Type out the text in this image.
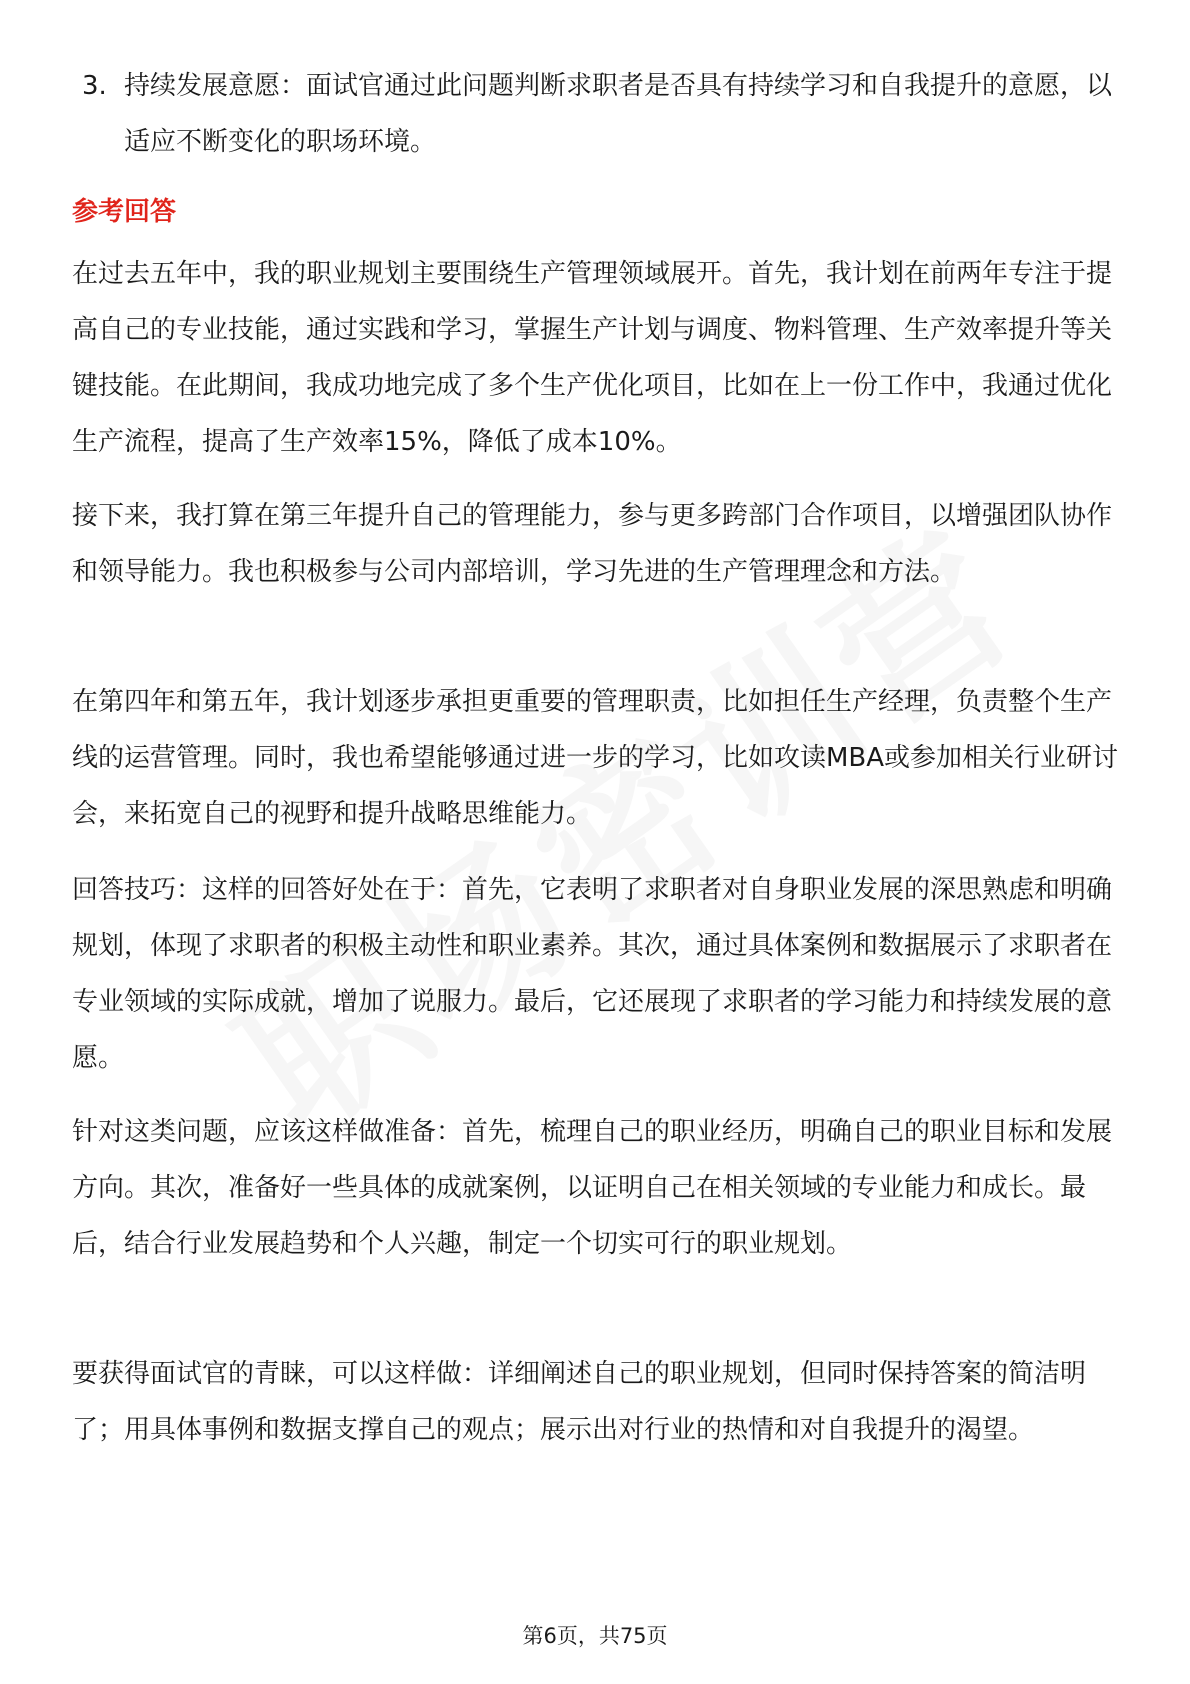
3. 持续发展意愿：面试官通过此问题判断求职者是否具有持续学习和自我提升的意愿，以适应不断变化的职场环境。
参考回答

在过去五年中，我的职业规划主要围绕生产管理领域展开。首先，我计划在前两年专注于提高自己的专业技能，通过实践和学习，掌握生产计划与调度、物料管理、生产效率提升等关键技能。在此期间，我成功地完成了多个生产优化项目，比如在上一份工作中，我通过优化生产流程，提高了生产效率15%，降低了成本10%。

接下来，我打算在第三年提升自己的管理能力，参与更多跨部门合作项目，以增强团队协作和领导能力。我也积极参与公司内部培训，学习先进的生产管理理念和方法。

在第四年和第五年，我计划逐步承担更重要的管理职责，比如担任生产经理，负责整个生产线的运营管理。同时，我也希望能够通过进一步的学习，比如攻读MBA或参加相关行业研讨会，来拓宽自己的视野和提升战略思维能力。

回答技巧：这样的回答好处在于：首先，它表明了求职者对自身职业发展的深思熟虑和明确规划，体现了求职者的积极主动性和职业素养。其次，通过具体案例和数据展示了求职者在专业领域的实际成就，增加了说服力。最后，它还展现了求职者的学习能力和持续发展的意愿。

针对这类问题，应该这样做准备：首先，梳理自己的职业经历，明确自己的职业目标和发展方向。其次，准备好一些具体的成就案例，以证明自己在相关领域的专业能力和成长。最后，结合行业发展趋势和个人兴趣，制定一个切实可行的职业规划。

要获得面试官的青睐，可以这样做：详细阐述自己的职业规划，但同时保持答案的简洁明了；用具体事例和数据支撑自己的观点；展示出对行业的热情和对自我提升的渴望。

第6页，共75页
